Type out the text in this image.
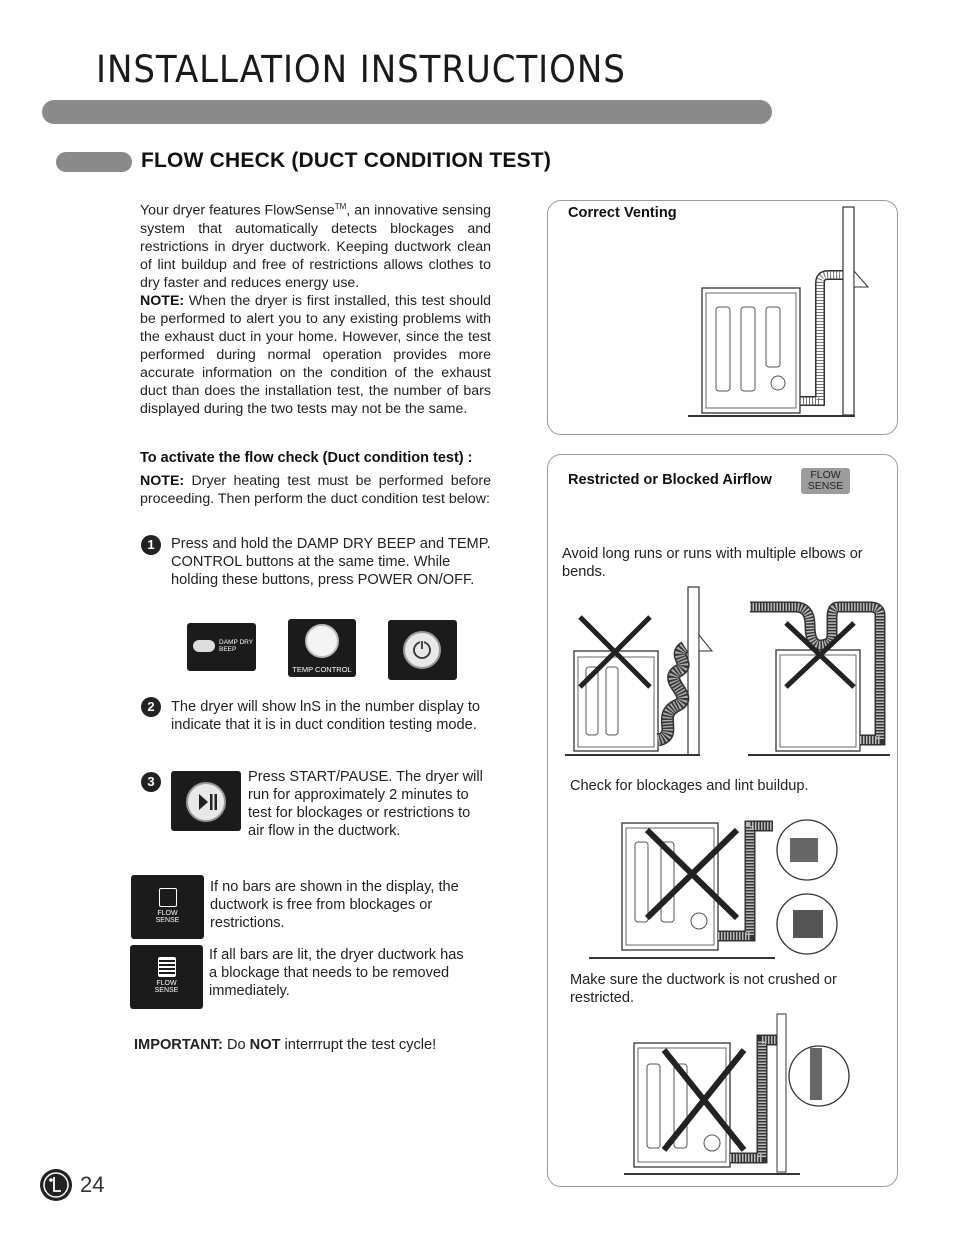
INSTALLATION INSTRUCTIONS
FLOW CHECK (DUCT CONDITION TEST)
Your dryer features FlowSense™, an innovative sensing system that automatically detects blockages and restrictions in dryer ductwork. Keeping ductwork clean of lint buildup and free of restrictions allows clothes to dry faster and reduces energy use.
NOTE: When the dryer is first installed, this test should be performed to alert you to any existing problems with the exhaust duct in your home. However, since the test performed during normal operation provides more accurate information on the condition of the exhaust duct than does the installation test, the number of bars displayed during the two tests may not be the same.
To activate the flow check (Duct condition test) :
NOTE: Dryer heating test must be performed before proceeding. Then perform the duct condition test below:
1	Press and hold the DAMP DRY BEEP and TEMP. CONTROL buttons at the same time. While holding these buttons, press POWER ON/OFF.
DAMP DRY
BEEP
TEMP CONTROL
2	The dryer will show lnS in the number display to indicate that it is in duct condition testing mode.
3	Press START/PAUSE. The dryer will run for approximately 2 minutes to test for blockages or restrictions to air flow in the ductwork.
FLOW
SENSE
If no bars are shown in the display, the ductwork is free from blockages or restrictions.
FLOW
SENSE
If all bars are lit, the dryer ductwork has a blockage that needs to be removed immediately.
IMPORTANT: Do NOT interrrupt the test cycle!
Correct Venting
Restricted or Blocked Airflow	FLOW
SENSE
Avoid long runs or runs with multiple elbows or bends.
Check for blockages and lint buildup.
Make sure the ductwork is not crushed or restricted.
24
